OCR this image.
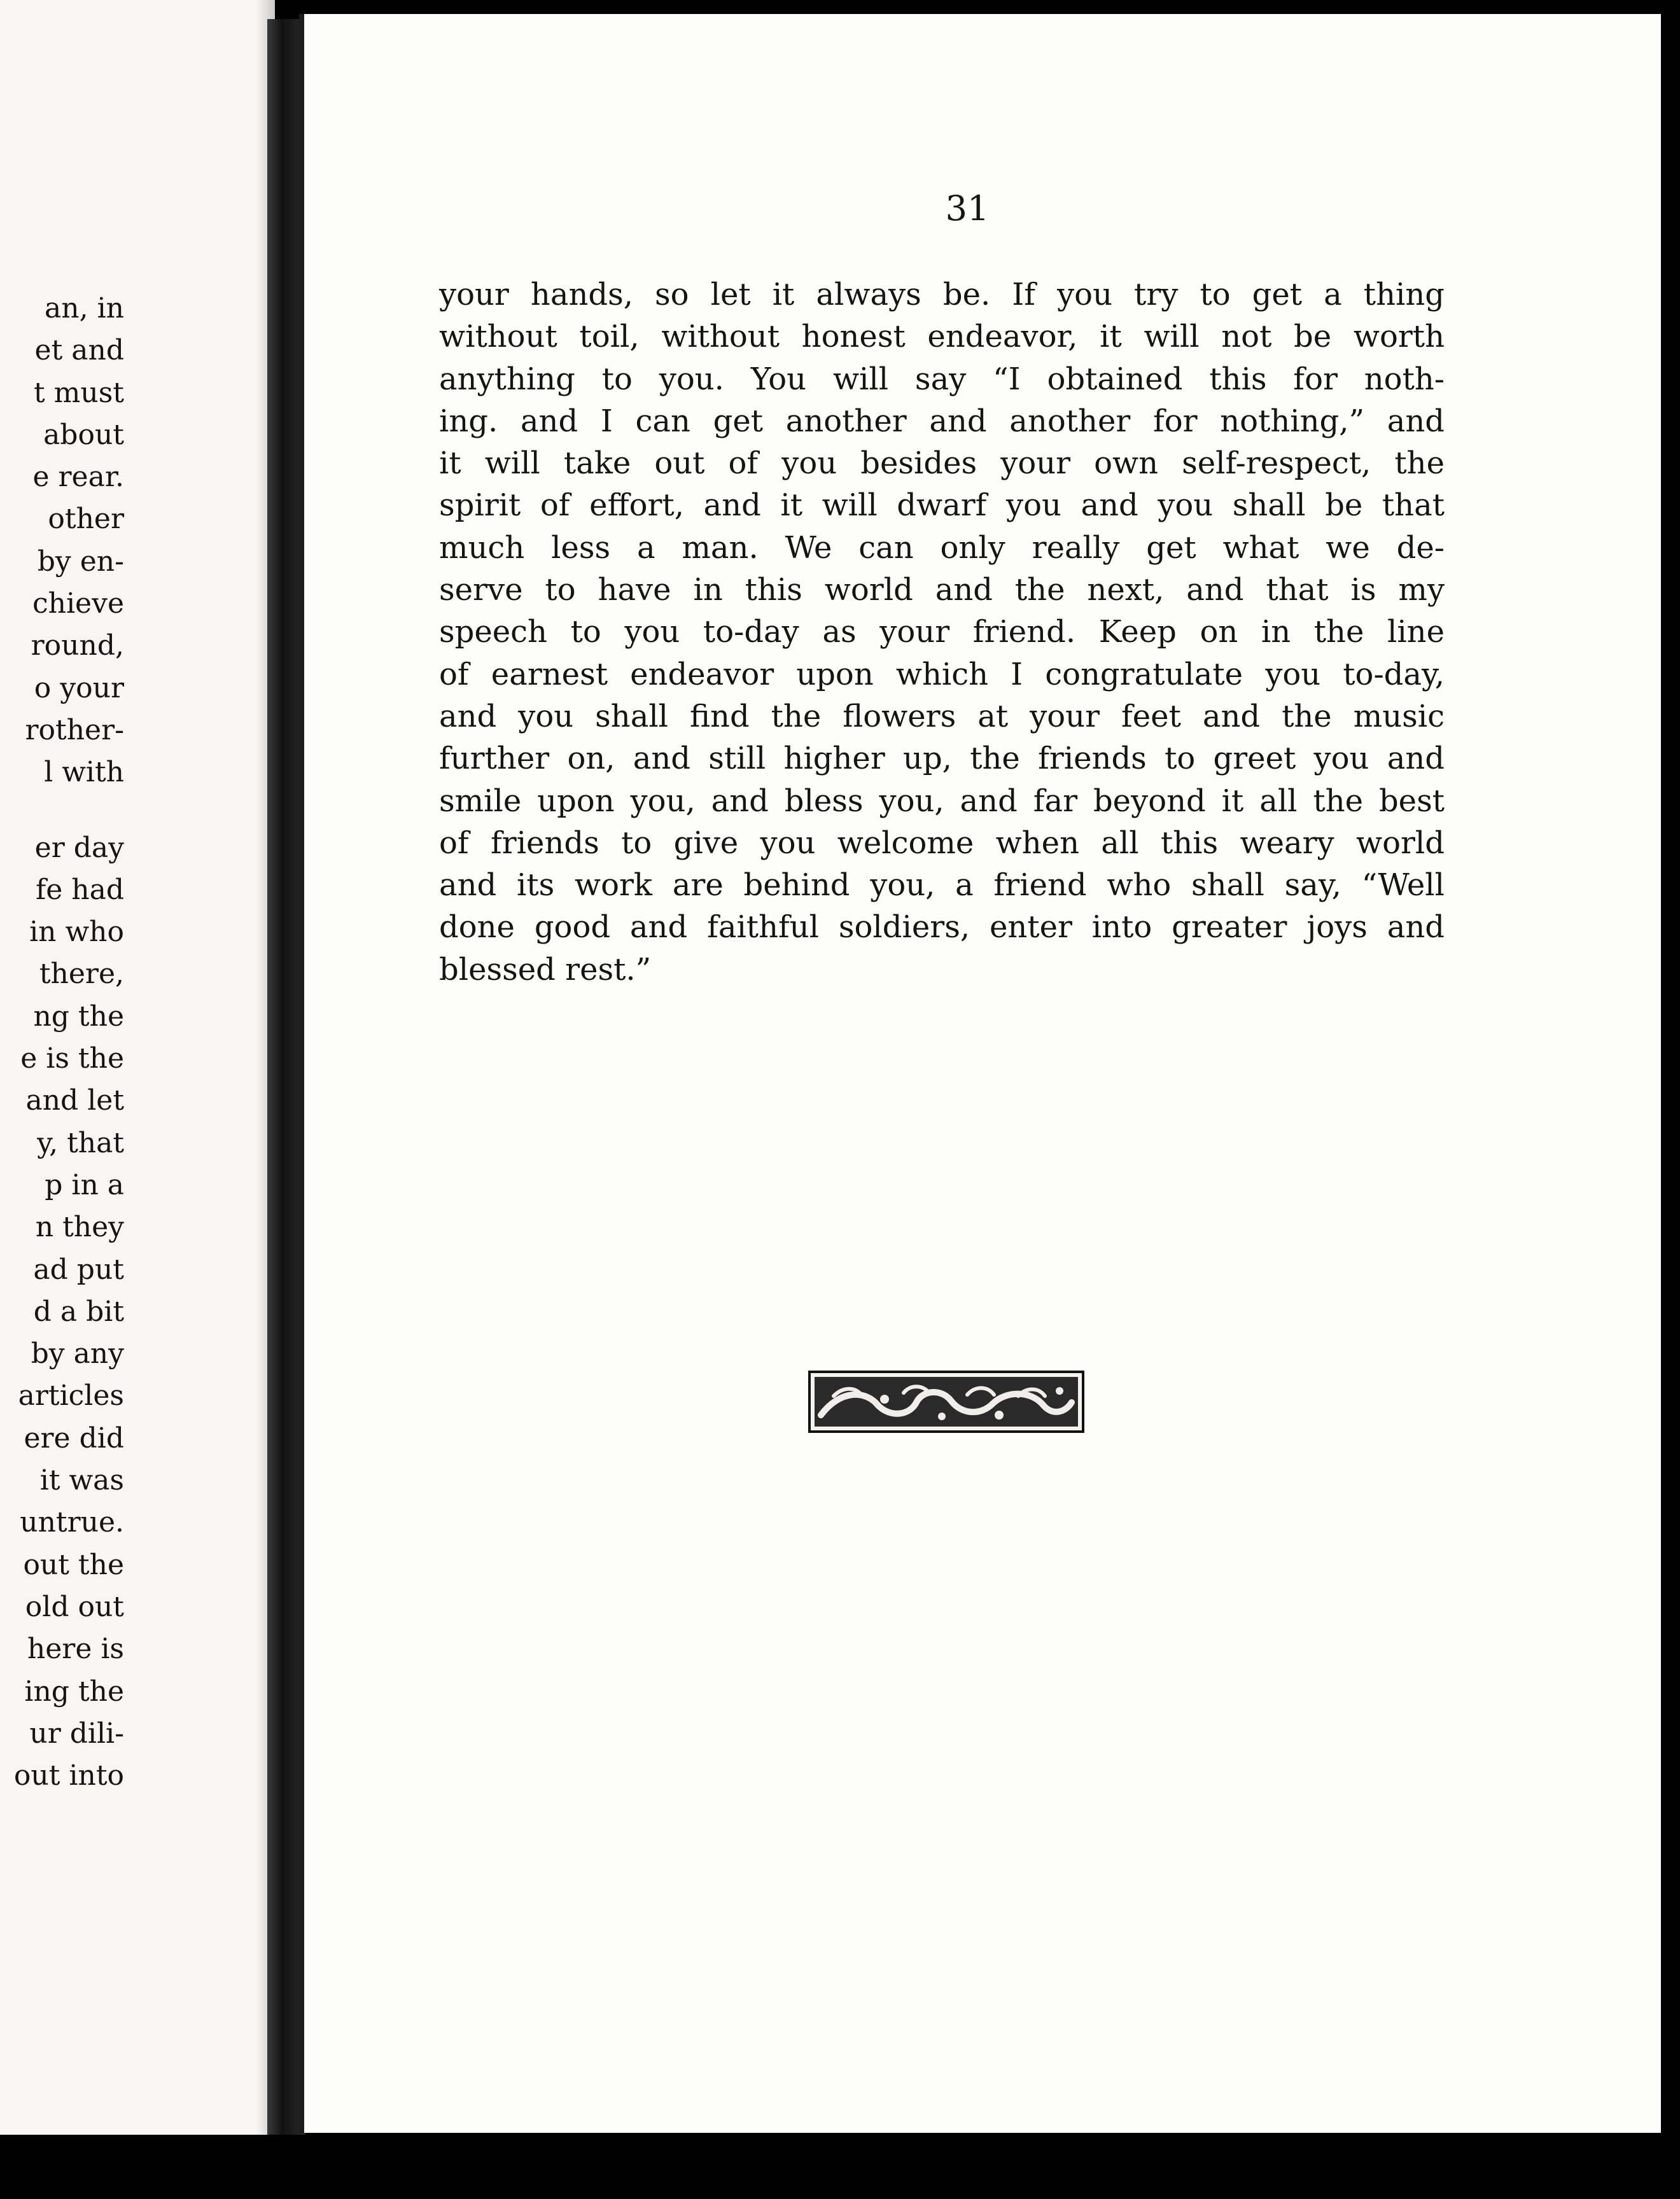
an, in
et and
t must
about
e rear.
other
by en-
chieve
round,
o your
rother-
l with
er day
fe had
in who
there,
ng the
e is the
and let
y, that
p in a
n they
ad put
d a bit
by any
articles
ere did
it was
untrue.
out the
old out
here is
ing the
ur dili-
out into
31
your hands, so let it always be. If you try to get a thing
without toil, without honest endeavor, it will not be worth
anything to you. You will say “I obtained this for noth-
ing. and I can get another and another for nothing,” and
it will take out of you besides your own self-respect, the
spirit of effort, and it will dwarf you and you shall be that
much less a man. We can only really get what we de-
serve to have in this world and the next, and that is my
speech to you to-day as your friend. Keep on in the line
of earnest endeavor upon which I congratulate you to-day,
and you shall find the flowers at your feet and the music
further on, and still higher up, the friends to greet you and
smile upon you, and bless you, and far beyond it all the best
of friends to give you welcome when all this weary world
and its work are behind you, a friend who shall say, “Well
done good and faithful soldiers, enter into greater joys and
blessed rest.”
